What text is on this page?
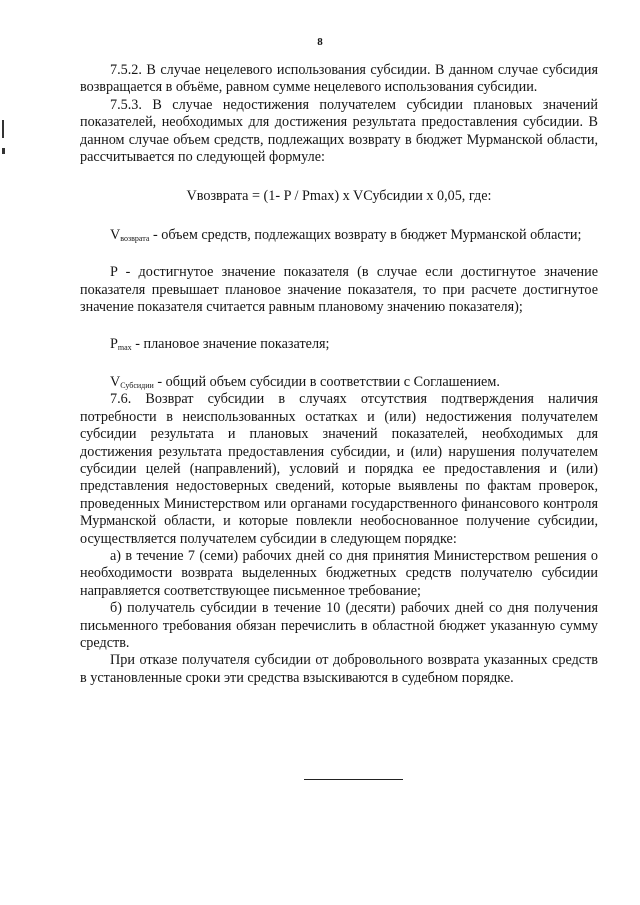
8

7.5.2. В случае нецелевого использования субсидии. В данном случае субсидия возвращается в объёме, равном сумме нецелевого использования субсидии.

7.5.3. В случае недостижения получателем субсидии плановых значений показателей, необходимых для достижения результата предоставления субсидии. В данном случае объем средств, подлежащих возврату в бюджет Мурманской области, рассчитывается по следующей формуле:

Vвозврата = (1- P / Pmax) x VСубсидии x 0,05, где:

$V_{возврата}$ - объем средств, подлежащих возврату в бюджет Мурманской области;

P - достигнутое значение показателя (в случае если достигнутое значение показателя превышает плановое значение показателя, то при расчете достигнутое значение показателя считается равным плановому значению показателя);

$P_{max}$ - плановое значение показателя;

$V_{Субсидии}$ - общий объем субсидии в соответствии с Соглашением.

7.6. Возврат субсидии в случаях отсутствия подтверждения наличия потребности в неиспользованных остатках и (или) недостижения получателем субсидии результата и плановых значений показателей, необходимых для достижения результата предоставления субсидии, и (или) нарушения получателем субсидии целей (направлений), условий и порядка ее предоставления и (или) представления недостоверных сведений, которые выявлены по фактам проверок, проведенных Министерством или органами государственного финансового контроля Мурманской области, и которые повлекли необоснованное получение субсидии, осуществляется получателем субсидии в следующем порядке:

а) в течение 7 (семи) рабочих дней со дня принятия Министерством решения о необходимости возврата выделенных бюджетных средств получателю субсидии направляется соответствующее письменное требование;

б) получатель субсидии в течение 10 (десяти) рабочих дней со дня получения письменного требования обязан перечислить в областной бюджет указанную сумму средств.

При отказе получателя субсидии от добровольного возврата указанных средств в установленные сроки эти средства взыскиваются в судебном порядке.
